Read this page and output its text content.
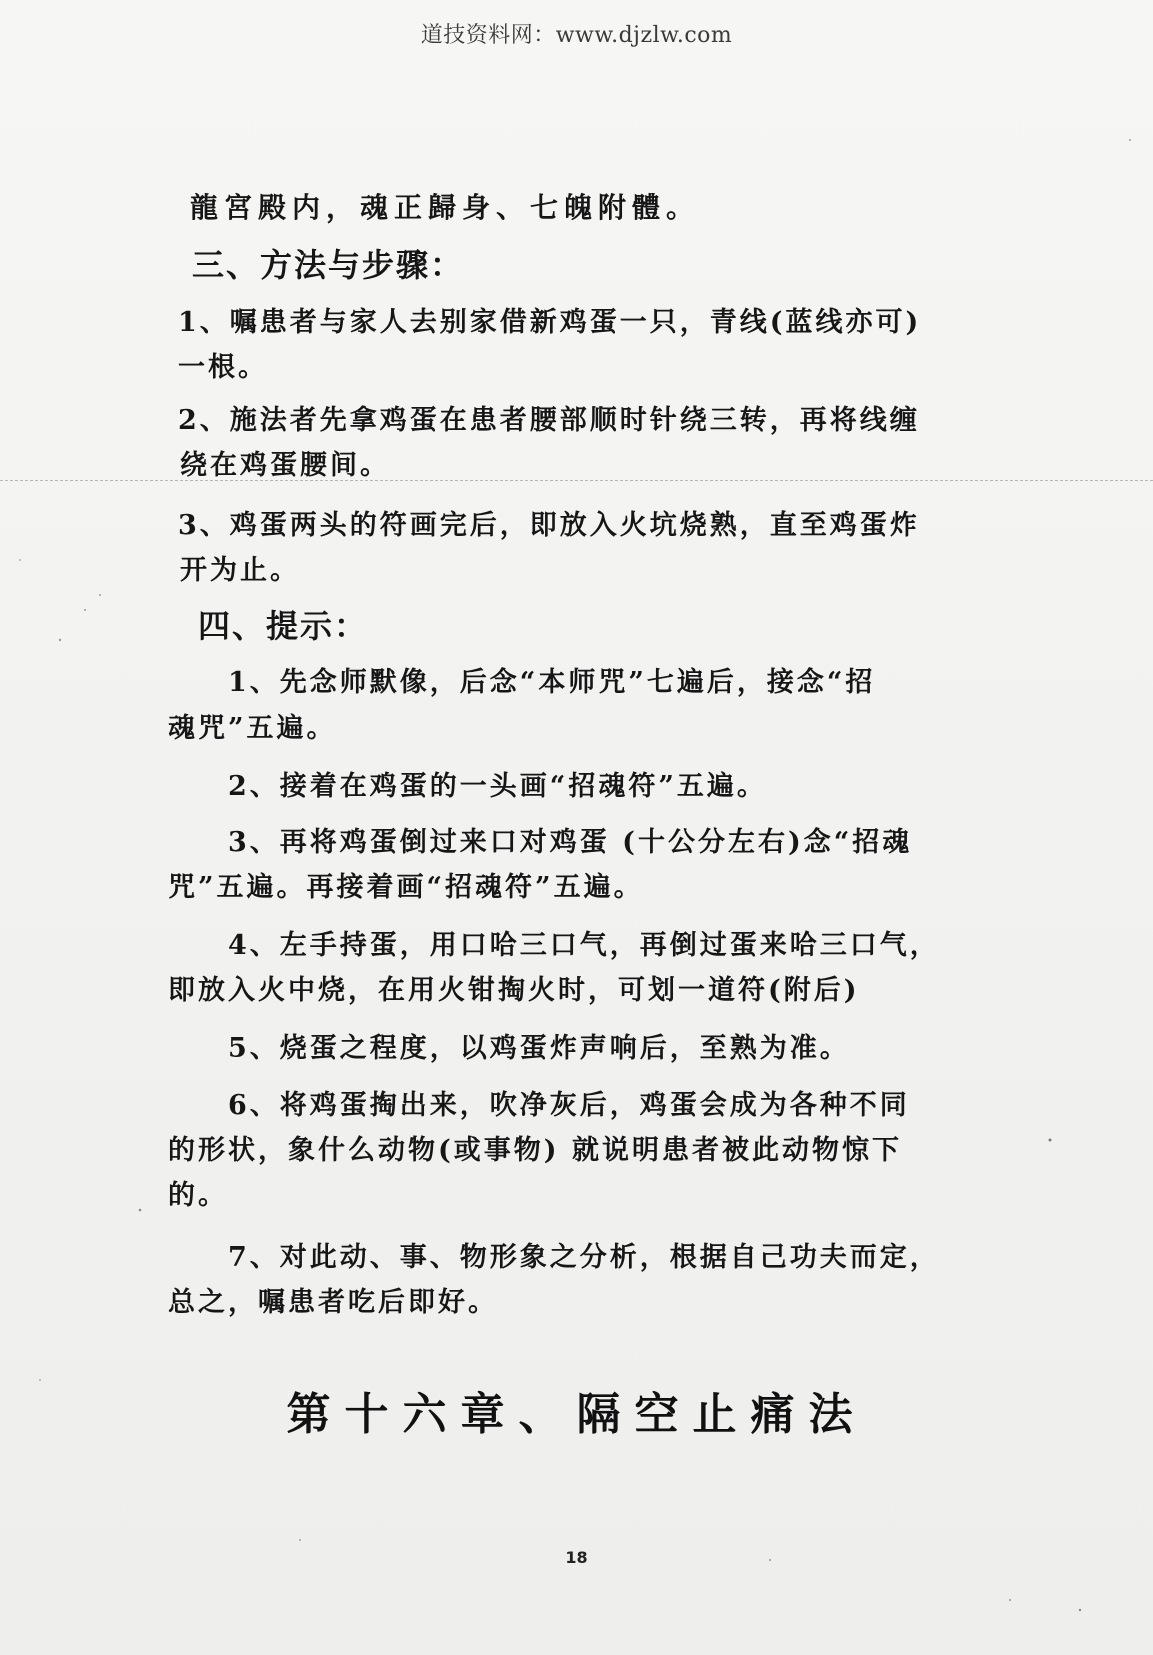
道技资料网：www.djzlw.com
龍宮殿内，魂正歸身、七魄附體。
三、方法与步骤：
1、嘱患者与家人去别家借新鸡蛋一只，青线(蓝线亦可)
一根。
2、施法者先拿鸡蛋在患者腰部顺时针绕三转，再将线缠
绕在鸡蛋腰间。
3、鸡蛋两头的符画完后，即放入火坑烧熟，直至鸡蛋炸
开为止。
四、提示：
1、先念师默像，后念“本师咒”七遍后，接念“招
魂咒”五遍。
2、接着在鸡蛋的一头画“招魂符”五遍。
3、再将鸡蛋倒过来口对鸡蛋 (十公分左右)念“招魂
咒”五遍。再接着画“招魂符”五遍。
4、左手持蛋，用口哈三口气，再倒过蛋来哈三口气，
即放入火中烧，在用火钳掏火时，可划一道符(附后)
5、烧蛋之程度，以鸡蛋炸声响后，至熟为准。
6、将鸡蛋掏出来，吹净灰后，鸡蛋会成为各种不同
的形状，象什么动物(或事物) 就说明患者被此动物惊下
的。
7、对此动、事、物形象之分析，根据自己功夫而定，
总之，嘱患者吃后即好。
第十六章、隔空止痛法
18
